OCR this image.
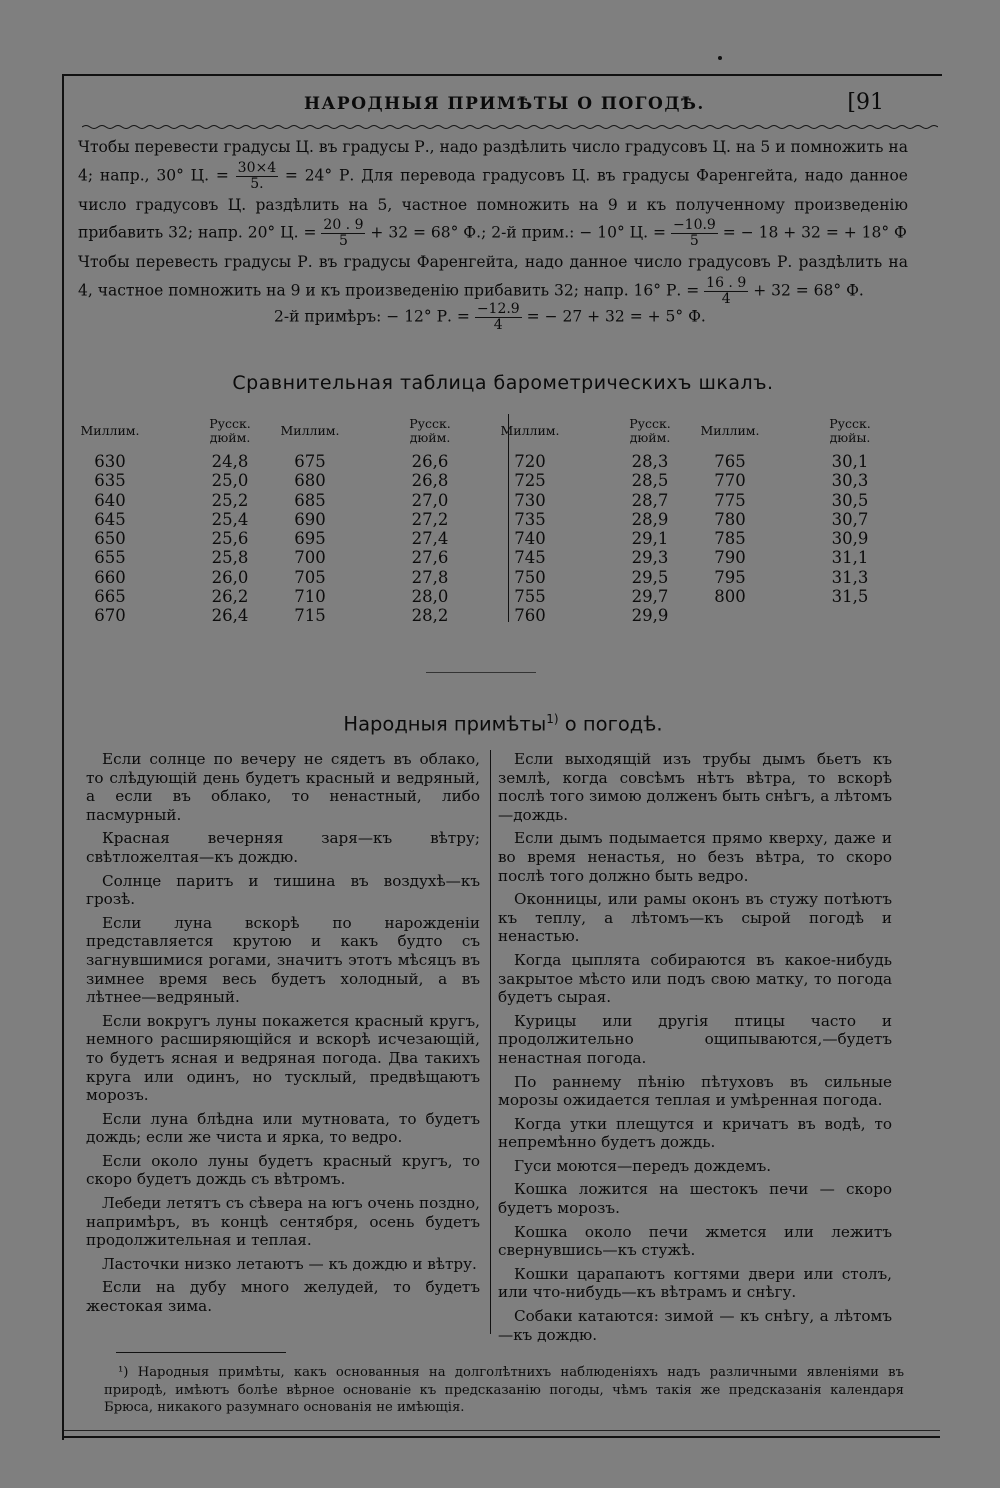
НАРОДНЫЯ ПРИМѢТЫ О ПОГОДѢ.	[91

Чтобы перевести градусы Ц. въ градусы Р., надо раздѣлить число градусовъ Ц. на 5 и помножить на 4; напр., 30° Ц. = $\frac{30\times 4}{5.} = 24^\circ$ Р. Для перевода градусовъ Ц. въ градусы Фаренгейта, надо данное число градусовъ Ц. раздѣлить на 5, частное помножить на 9 и къ полученному произведенію прибавить 32; напр. 20° Ц. = $\frac{20 . 9}{5} + 32 = 68^\circ$ Ф.; 2-й прим.: − 10° Ц. = $\frac{-10.9}{5}$ = − 18 + 32 = + 18° Ф

Чтобы перевесть градусы Р. въ градусы Фаренгейта, надо данное число градусовъ Р. раздѣлить на 4, частное помножить на 9 и къ произведенію прибавить 32; напр. 16° Р. = $\frac{16 . 9}{4} + 32 = 68^\circ$ Ф.

2-й примѣръ: − 12° Р. = $\frac{-12.9}{4}$ = − 27 + 32 = + 5° Ф.
Сравнительная таблица барометрическихъ шкалъ.
Миллим.
630
635
640
645
650
655
660
665
670
Русск.
дюйм.
24,8
25,0
25,2
25,4
25,6
25,8
26,0
26,2
26,4
Миллим.
675
680
685
690
695
700
705
710
715
Русск.
дюйм.
26,6
26,8
27,0
27,2
27,4
27,6
27,8
28,0
28,2
Миллим.
720
725
730
735
740
745
750
755
760
Русск.
дюйм.
28,3
28,5
28,7
28,9
29,1
29,3
29,5
29,7
29,9
Миллим.
765
770
775
780
785
790
795
800
Русск.
дюйы.
30,1
30,3
30,5
30,7
30,9
31,1
31,3
31,5
Народныя примѣты$^{1)}$ о погодѣ.

Если солнце по вечеру не сядетъ въ облако, то слѣдующій день будетъ красный и ведряный, а если въ облако, то ненастный, либо пасмурный.

Красная вечерняя заря—къ вѣтру; свѣтложелтая—къ дождю.

Солнце паритъ и тишина въ воздухѣ—къ грозѣ.

Если луна вскорѣ по нарожденіи представляется крутою и какъ будто съ загнувшимися рогами, значитъ этотъ мѣсяцъ въ зимнее время весь будетъ холодный, а въ лѣтнее—ведряный.

Если вокругъ луны покажется красный кругъ, немного расширяющійся и вскорѣ исчезающій, то будетъ ясная и ведряная погода. Два такихъ круга или одинъ, но тусклый, предвѣщаютъ морозъ.

Если луна блѣдна или мутновата, то будетъ дождь; если же чиста и ярка, то ведро.

Если около луны будетъ красный кругъ, то скоро будетъ дождь съ вѣтромъ.

Лебеди летятъ съ сѣвера на югъ очень поздно, напримѣръ, въ концѣ сентября, осень будетъ продолжительная и теплая.

Ласточки низко летаютъ — къ дождю и вѣтру.

Если на дубу много желудей, то будетъ жестокая зима.

Если выходящій изъ трубы дымъ бьетъ къ землѣ, когда совсѣмъ нѣтъ вѣтра, то вскорѣ послѣ того зимою долженъ быть снѣгъ, а лѣтомъ—дождь.

Если дымъ подымается прямо кверху, даже и во время ненастья, но безъ вѣтра, то скоро послѣ того должно быть ведро.

Оконницы, или рамы оконъ въ стужу потѣютъ къ теплу, а лѣтомъ—къ сырой погодѣ и ненастью.

Когда цыплята собираются въ какое-нибудь закрытое мѣсто или подъ свою матку, то погода будетъ сырая.

Курицы или другія птицы часто и продолжительно ощипываются,—будетъ ненастная погода.

По раннему пѣнію пѣтуховъ въ сильные морозы ожидается теплая и умѣренная погода.

Когда утки плещутся и кричатъ въ водѣ, то непремѣнно будетъ дождь.

Гуси моются—передъ дождемъ.

Кошка ложится на шестокъ печи — скоро будетъ морозъ.

Кошка около печи жмется или лежитъ свернувшись—къ стужѣ.

Кошки царапаютъ когтями двери или столъ, или что-нибудь—къ вѣтрамъ и снѣгу.

Собаки катаются: зимой — къ снѣгу, а лѣтомъ—къ дождю.

¹) Народныя примѣты, какъ основанныя на долголѣтнихъ наблюденіяхъ надъ различными явленіями въ природѣ, имѣютъ болѣе вѣрное основаніе къ предсказанію погоды, чѣмъ такія же предсказанія календаря Брюса, никакого разумнаго основанія не имѣющія.
